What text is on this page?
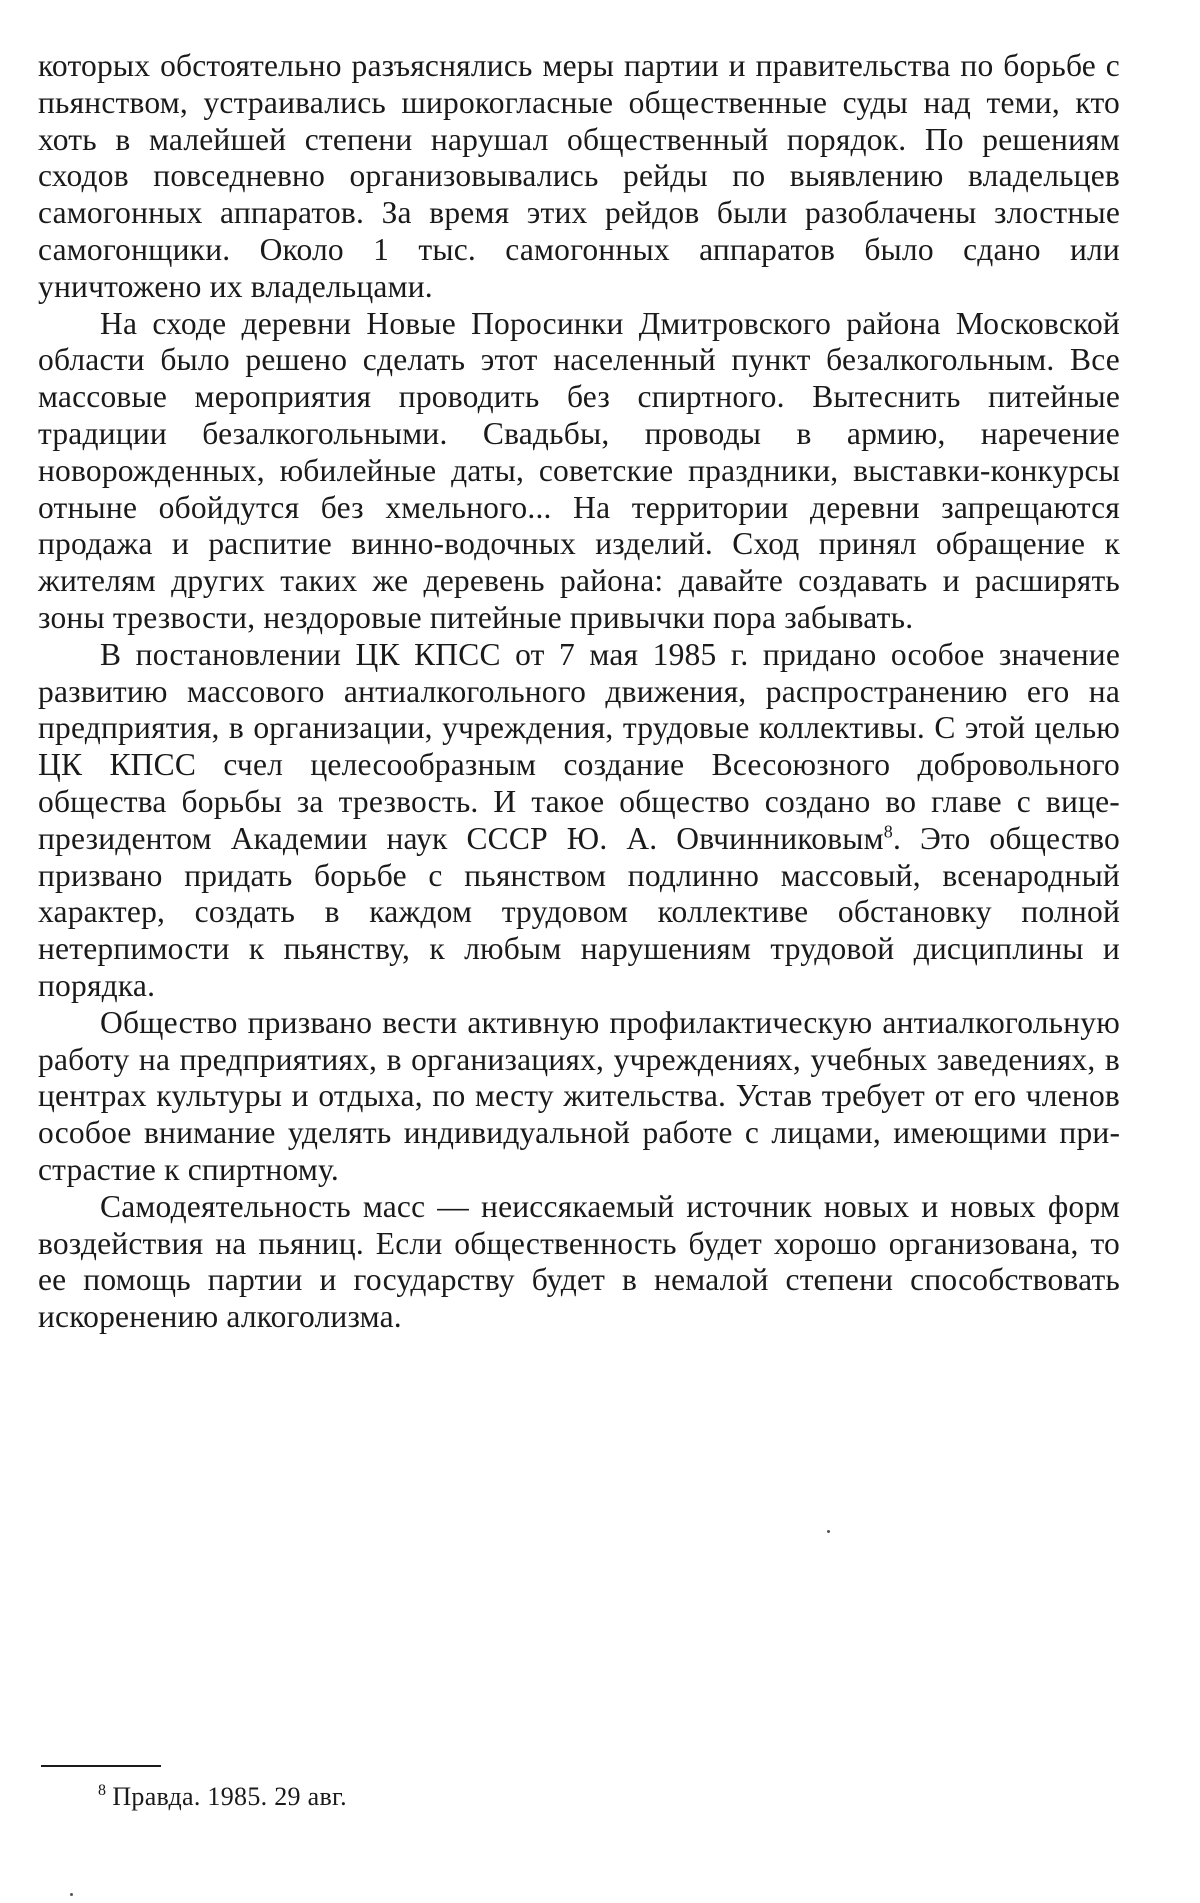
которых обстоятельно разъяснялись меры партии и правительства по борьбе с пьянством, устраивались широкогласные общественные суды над теми, кто хоть в малейшей степени нарушал общественный порядок. По решениям сходов повседневно организовывались рейды по выявлению владельцев самогонных аппаратов. За время этих рейдов были разоблачены злостные самогонщики. Около 1 тыс. самогонных аппаратов было сдано или уничтожено их владельцами.

На сходе деревни Новые Поросинки Дмитровского района Московской области было решено сделать этот населенный пункт безалкогольным. Все массовые мероприятия проводить без спиртного. Вытеснить питейные традиции безалкогольными. Свадьбы, проводы в армию, наречение новорожденных, юбилейные даты, советские праздники, выставки-конкурсы отныне обойдутся без хмельного... На территории деревни запрещаются продажа и распитие винно-водочных изделий. Сход принял обращение к жителям других таких же деревень района: давайте создавать и расширять зоны трезвости, нездоровые питейные привычки пора забывать.

В постановлении ЦК КПСС от 7 мая 1985 г. придано особое значение развитию массового антиалкогольного движения, распространению его на предприятия, в организации, учреждения, трудовые коллективы. С этой целью ЦК КПСС счел целесообразным создание Всесоюзного добровольного общества борьбы за трезвость. И такое общество создано во главе с вице-президентом Академии наук СССР Ю. А. Овчинниковым$^8$. Это общество призвано придать борьбе с пьянством подлинно массовый, всенародный характер, создать в каждом трудовом коллективе обстановку полной нетерпимости к пьянству, к любым нарушениям трудовой дисциплины и порядка.

Общество призвано вести активную профилактическую антиалкогольную работу на предприятиях, в организациях, учреждениях, учебных заведениях, в центрах культуры и отдыха, по месту жительства. Устав требует от его членов особое внимание уделять индивидуальной работе с лицами, имеющими пристрастие к спиртному.

Самодеятельность масс — неиссякаемый источник новых и новых форм воздействия на пьяниц. Если общественность будет хорошо организована, то ее помощь партии и государству будет в немалой степени способствовать искоренению алкоголизма.

$^8$ Правда. 1985. 29 авг.
